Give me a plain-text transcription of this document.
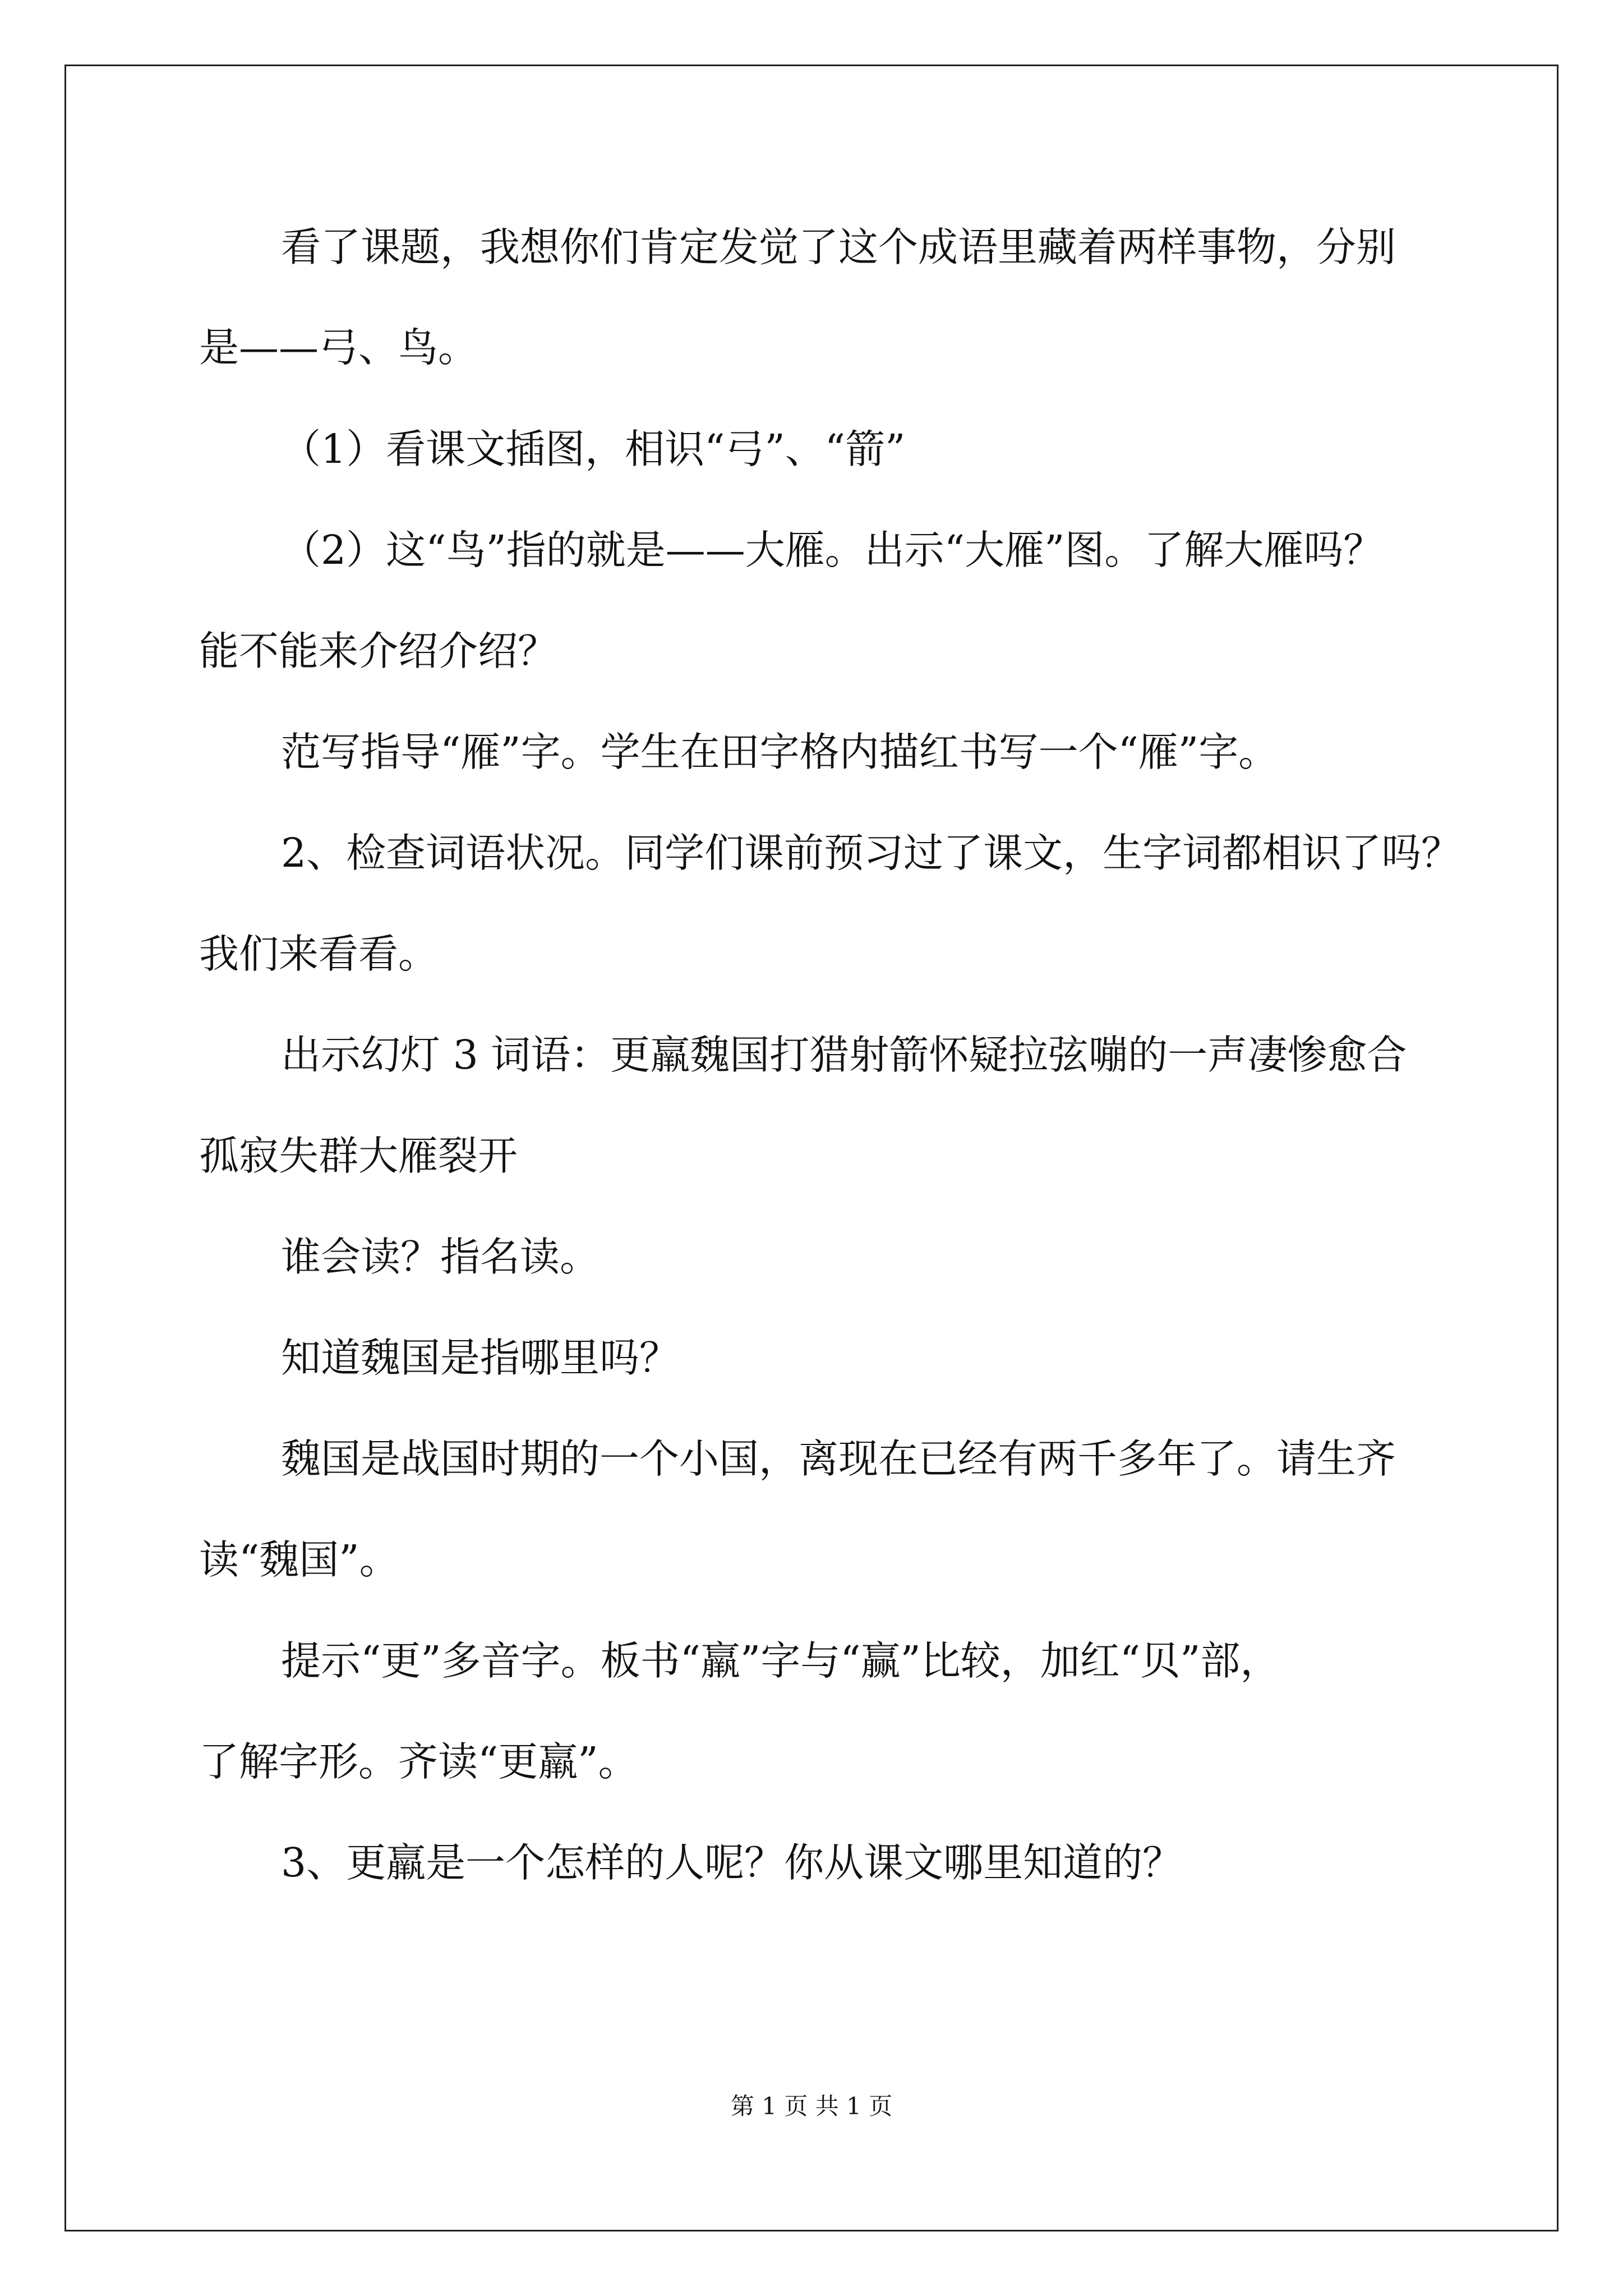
看了课题，我想你们肯定发觉了这个成语里藏着两样事物，分别
是——弓、鸟。
（1）看课文插图，相识“弓”、“箭”
（2）这“鸟”指的就是——大雁。出示“大雁”图。了解大雁吗？
能不能来介绍介绍？
范写指导“雁”字。学生在田字格内描红书写一个“雁”字。
2、检查词语状况。同学们课前预习过了课文，生字词都相识了吗？
我们来看看。
出示幻灯 3 词语：更羸魏国打猎射箭怀疑拉弦嘣的一声凄惨愈合
孤寂失群大雁裂开
谁会读？指名读。
知道魏国是指哪里吗？
魏国是战国时期的一个小国，离现在已经有两千多年了。请生齐
读“魏国”。
提示“更”多音字。板书“羸”字与“赢”比较，加红“贝”部，
了解字形。齐读“更羸”。
3、更羸是一个怎样的人呢？你从课文哪里知道的？
第 1 页 共 1 页
